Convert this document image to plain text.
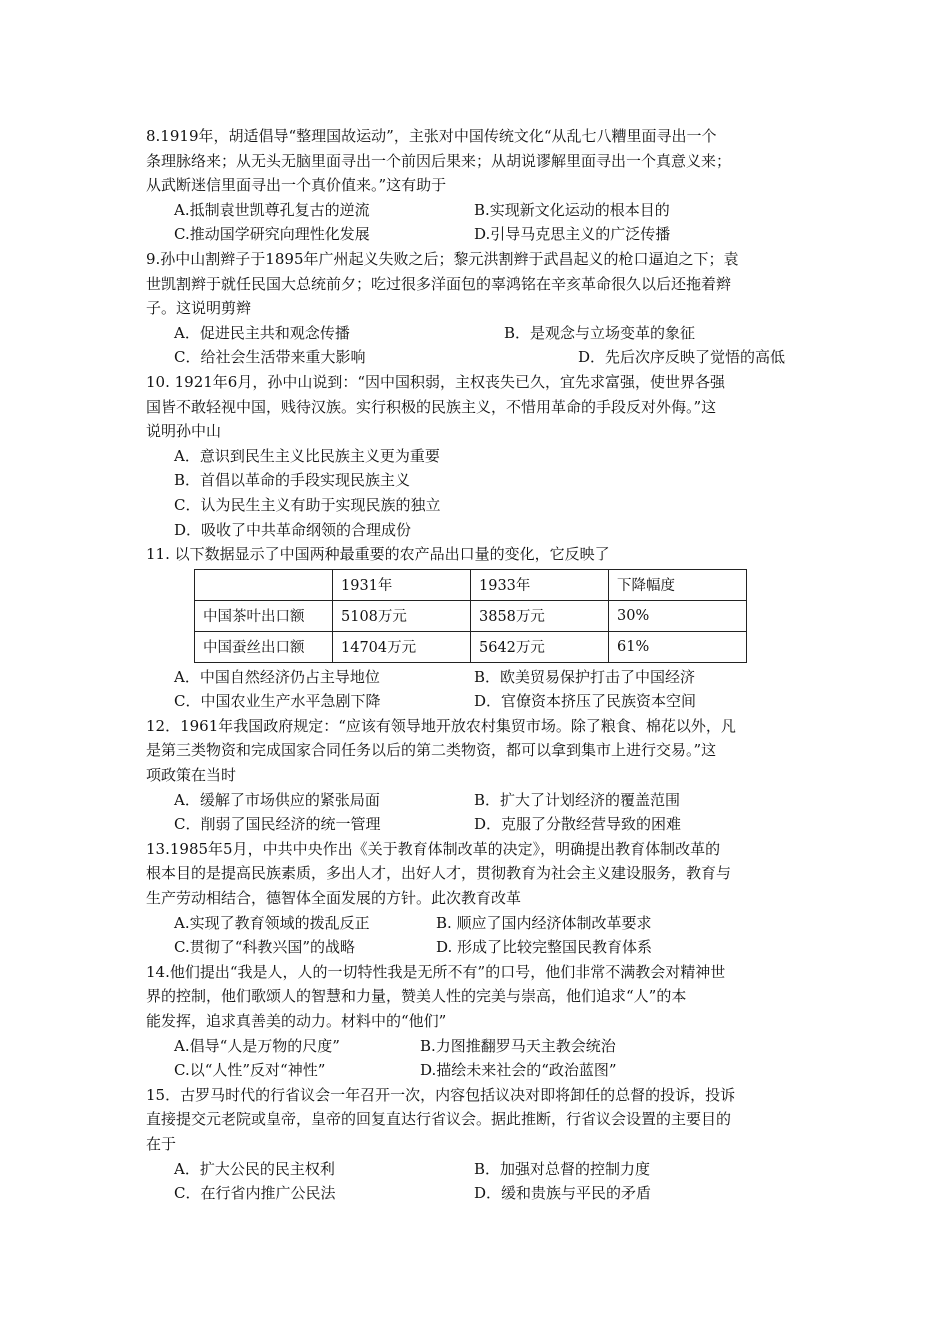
8.1919年，胡适倡导“整理国故运动”，主张对中国传统文化“从乱七八糟里面寻出一个
条理脉络来；从无头无脑里面寻出一个前因后果来；从胡说谬解里面寻出一个真意义来；
从武断迷信里面寻出一个真价值来。”这有助于
A.抵制袁世凯尊孔复古的逆流	B.实现新文化运动的根本目的
C.推动国学研究向理性化发展	D.引导马克思主义的广泛传播
9.孙中山割辫子于1895年广州起义失败之后；黎元洪割辫于武昌起义的枪口逼迫之下；袁
世凯割辫于就任民国大总统前夕；吃过很多洋面包的辜鸿铭在辛亥革命很久以后还拖着辫
子。这说明剪辫
A．促进民主共和观念传播	B．是观念与立场变革的象征
C．给社会生活带来重大影响	D．先后次序反映了觉悟的高低
10. 1921年6月，孙中山说到：“因中国积弱，主权丧失已久，宜先求富强，使世界各强
国皆不敢轻视中国，贱待汉族。实行积极的民族主义，不惜用革命的手段反对外侮。”这
说明孙中山
A．意识到民生主义比民族主义更为重要
B．首倡以革命的手段实现民族主义
C．认为民生主义有助于实现民族的独立
D．吸收了中共革命纲领的合理成份
11. 以下数据显示了中国两种最重要的农产品出口量的变化，它反映了
	1931年	1933年	下降幅度
中国茶叶出口额	5108万元	3858万元	30%
中国蚕丝出口额	14704万元	5642万元	61%
A．中国自然经济仍占主导地位	B．欧美贸易保护打击了中国经济
C．中国农业生产水平急剧下降	D．官僚资本挤压了民族资本空间
12．1961年我国政府规定：“应该有领导地开放农村集贸市场。除了粮食、棉花以外，凡
是第三类物资和完成国家合同任务以后的第二类物资，都可以拿到集市上进行交易。”这
项政策在当时
A．缓解了市场供应的紧张局面	B．扩大了计划经济的覆盖范围
C．削弱了国民经济的统一管理	D．克服了分散经营导致的困难
13.1985年5月，中共中央作出《关于教育体制改革的决定》，明确提出教育体制改革的
根本目的是提高民族素质，多出人才，出好人才，贯彻教育为社会主义建设服务，教育与
生产劳动相结合，德智体全面发展的方针。此次教育改革
A.实现了教育领域的拨乱反正	B. 顺应了国内经济体制改革要求
C.贯彻了“科教兴国”的战略	D. 形成了比较完整国民教育体系
14.他们提出“我是人，人的一切特性我是无所不有”的口号，他们非常不满教会对精神世
界的控制，他们歌颂人的智慧和力量，赞美人性的完美与崇高，他们追求“人”的本
能发挥，追求真善美的动力。材料中的“他们”
A.倡导“人是万物的尺度”	B.力图推翻罗马天主教会统治
C.以“人性”反对“神性”	D.描绘未来社会的“政治蓝图”
15．古罗马时代的行省议会一年召开一次，内容包括议决对即将卸任的总督的投诉，投诉
直接提交元老院或皇帝，皇帝的回复直达行省议会。据此推断，行省议会设置的主要目的
在于
A．扩大公民的民主权利	B．加强对总督的控制力度
C．在行省内推广公民法	D．缓和贵族与平民的矛盾
